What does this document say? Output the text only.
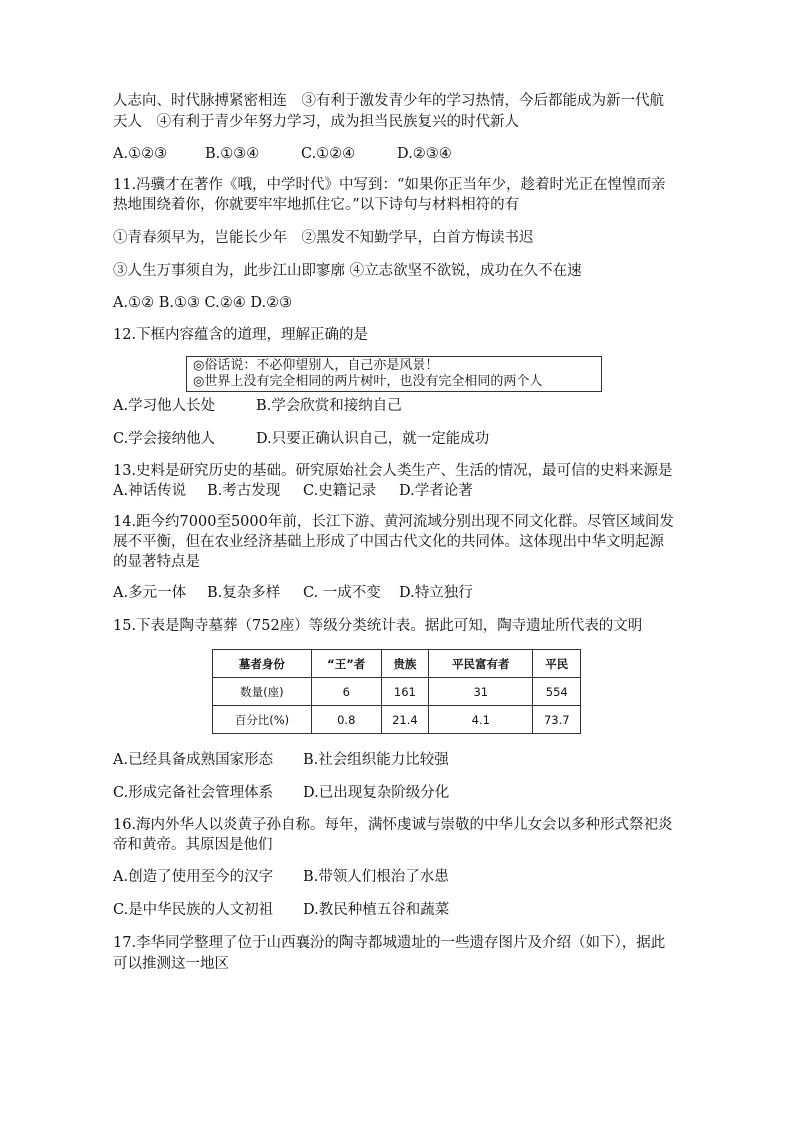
人志向、时代脉搏紧密相连　③有利于激发青少年的学习热情，今后都能成为新一代航
天人　④有利于青少年努力学习，成为担当民族复兴的时代新人
A.①②③	B.①③④	C.①②④	D.②③④
11.冯骥才在著作《哦，中学时代》中写到：“如果你正当年少，趁着时光正在惶惶而亲
热地围绕着你，你就要牢牢地抓住它。”以下诗句与材料相符的有
①青春须早为，岂能长少年　②黑发不知勤学早，白首方悔读书迟
③人生万事须自为，此步江山即寥廓 ④立志欲坚不欲锐，成功在久不在速
A.①② B.①③ C.②④ D.②③
12.下框内容蕴含的道理，理解正确的是
◎俗话说：不必仰望别人，自己亦是风景！
◎世界上没有完全相同的两片树叶，也没有完全相同的两个人
A.学习他人长处	B.学会欣赏和接纳自己
C.学会接纳他人	D.只要正确认识自己，就一定能成功
13.史料是研究历史的基础。研究原始社会人类生产、生活的情况，最可信的史料来源是
A.神话传说 B.考古发现 C.史籍记录 D.学者论著
14.距今约7000至5000年前，长江下游、黄河流域分别出现不同文化群。尽管区域间发
展不平衡，但在农业经济基础上形成了中国古代文化的共同体。这体现出中华文明起源
的显著特点是
A.多元一体 B.复杂多样 C. 一成不变 D.特立独行
15.下表是陶寺墓葬（752座）等级分类统计表。据此可知，陶寺遗址所代表的文明
墓者身份	“王”者	贵族	平民富有者	平民
数量(座)	6	161	31	554
百分比(%)	0.8	21.4	4.1	73.7
A.已经具备成熟国家形态 B.社会组织能力比较强
C.形成完备社会管理体系 D.已出现复杂阶级分化
16.海内外华人以炎黄子孙自称。每年，满怀虔诚与崇敬的中华儿女会以多种形式祭祀炎
帝和黄帝。其原因是他们
A.创造了使用至今的汉字 B.带领人们根治了水患
C.是中华民族的人文初祖 D.教民种植五谷和蔬菜
17.李华同学整理了位于山西襄汾的陶寺都城遗址的一些遗存图片及介绍（如下），据此
可以推测这一地区
